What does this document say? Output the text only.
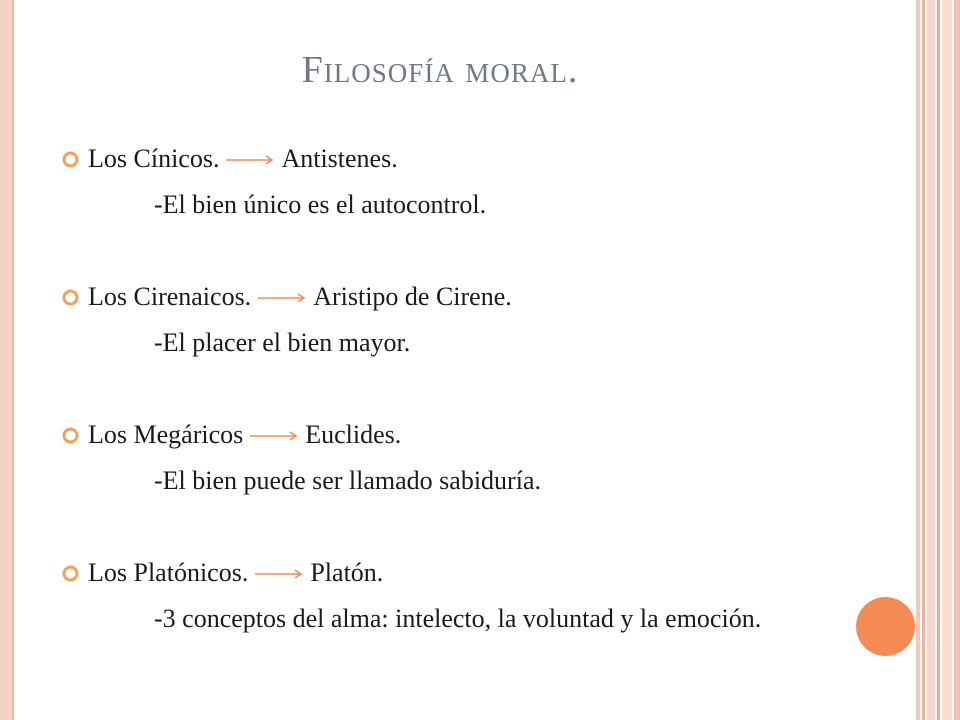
Filosofía moral.
Los Cínicos. Antistenes.
-El bien único es el autocontrol.
Los Cirenaicos. Aristipo de Cirene.
-El placer el bien mayor.
Los Megáricos Euclides.
-El bien puede ser llamado sabiduría.
Los Platónicos. Platón.
-3 conceptos del alma: intelecto, la voluntad y la emoción.
